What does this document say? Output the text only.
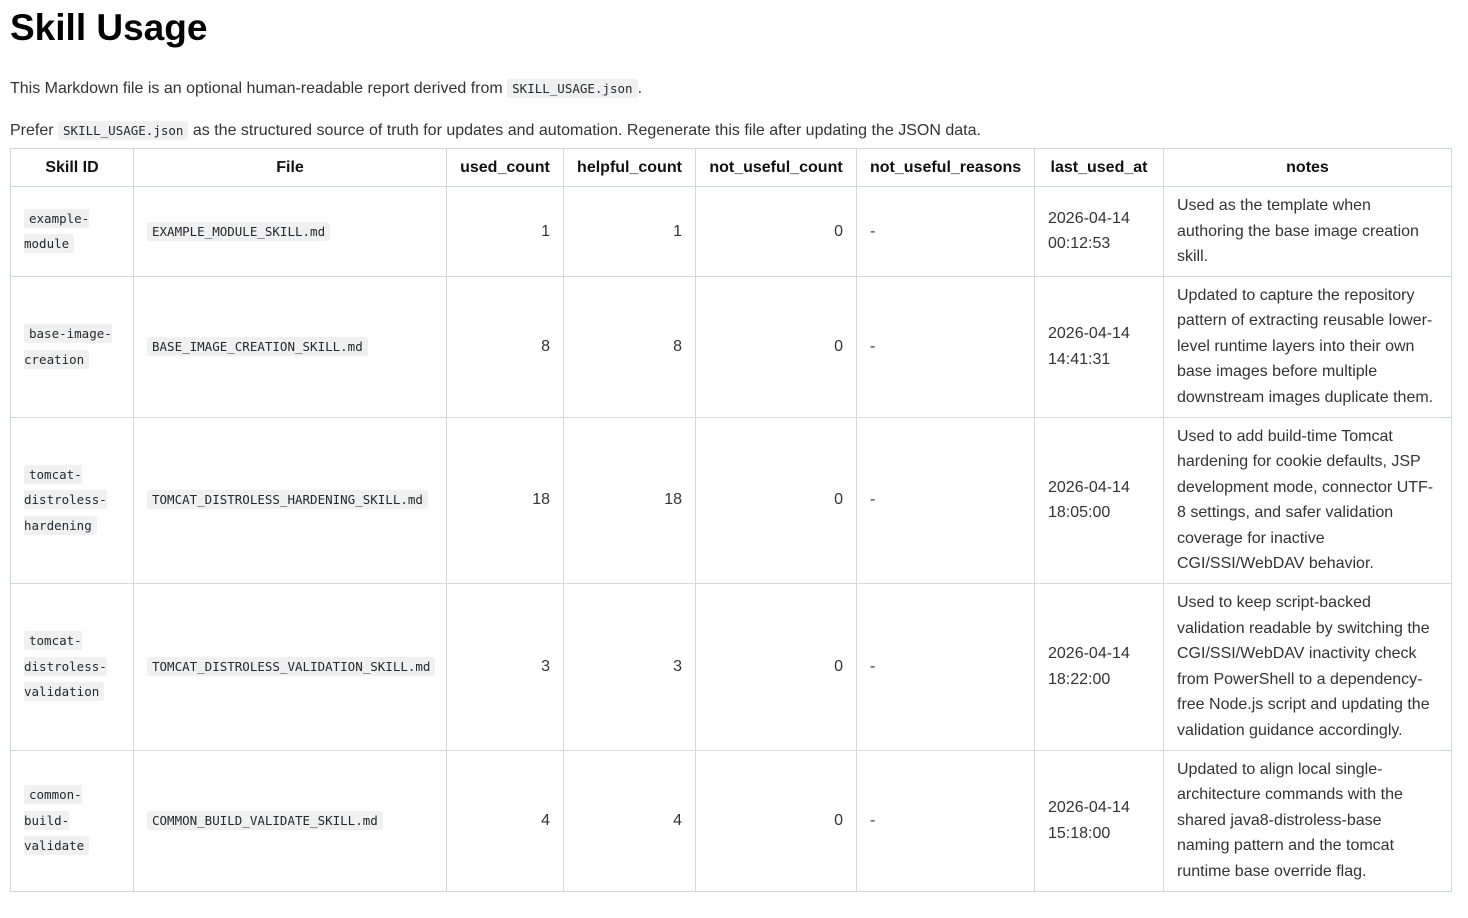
Skill Usage

This Markdown file is an optional human-readable report derived from SKILL_USAGE.json .

Prefer SKILL_USAGE.json as the structured source of truth for updates and automation. Regenerate this file after updating the JSON data.

Skill ID	File	used_count	helpful_count	not_useful_count	not_useful_reasons	last_used_at	notes
example-module	EXAMPLE_MODULE_SKILL.md	1	1	0	-	2026-04-14 00:12:53	Used as the template when authoring the base image creation skill.
base-image-creation	BASE_IMAGE_CREATION_SKILL.md	8	8	0	-	2026-04-14 14:41:31	Updated to capture the repository pattern of extracting reusable lower-level runtime layers into their own base images before multiple downstream images duplicate them.
tomcat-distroless-hardening	TOMCAT_DISTROLESS_HARDENING_SKILL.md	18	18	0	-	2026-04-14 18:05:00	Used to add build-time Tomcat hardening for cookie defaults, JSP development mode, connector UTF-8 settings, and safer validation coverage for inactive CGI/SSI/WebDAV behavior.
tomcat-distroless-validation	TOMCAT_DISTROLESS_VALIDATION_SKILL.md	3	3	0	-	2026-04-14 18:22:00	Used to keep script-backed validation readable by switching the CGI/SSI/WebDAV inactivity check from PowerShell to a dependency-free Node.js script and updating the validation guidance accordingly.
common-build-validate	COMMON_BUILD_VALIDATE_SKILL.md	4	4	0	-	2026-04-14 15:18:00	Updated to align local single-architecture commands with the shared java8-distroless-base naming pattern and the tomcat runtime base override flag.
